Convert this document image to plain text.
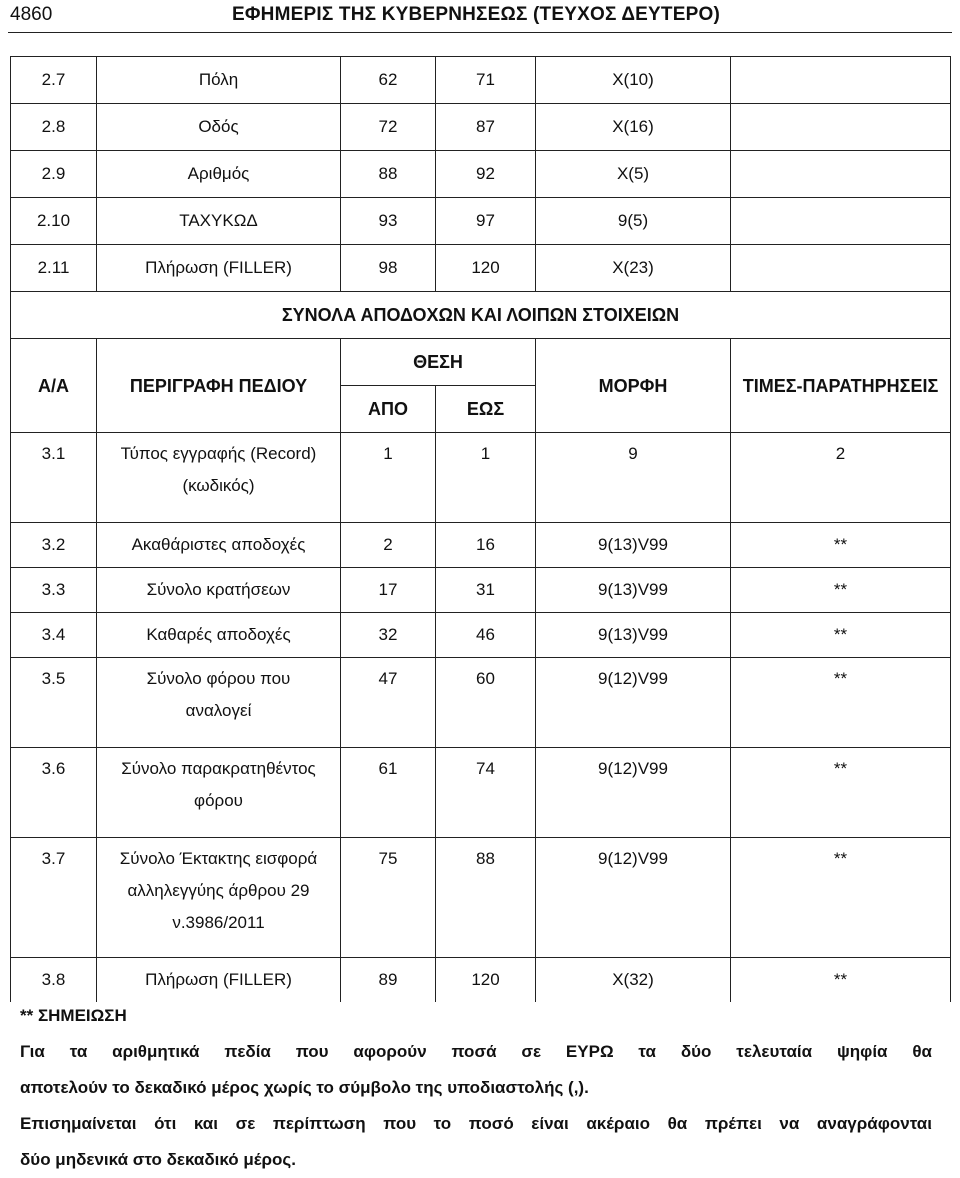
4860	ΕΦΗΜΕΡΙΣ ΤΗΣ ΚΥΒΕΡΝΗΣΕΩΣ (ΤΕΥΧΟΣ ΔΕΥΤΕΡΟ)
2.7	Πόλη	62	71	Χ(10)	
2.8	Οδός	72	87	Χ(16)	
2.9	Αριθμός	88	92	Χ(5)	
2.10	ΤΑΧΥΚΩΔ	93	97	9(5)	
2.11	Πλήρωση (FILLER)	98	120	Χ(23)	
ΣΥΝΟΛΑ ΑΠΟΔΟΧΩΝ ΚΑΙ ΛΟΙΠΩΝ ΣΤΟΙΧΕΙΩΝ					
Α/Α	ΠΕΡΙΓΡΑΦΗ ΠΕΔΙΟΥ	ΘΕΣΗ		ΜΟΡΦΗ	ΤΙΜΕΣ-ΠΑΡΑΤΗΡΗΣΕΙΣ
		ΑΠΟ	ΕΩΣ		
3.1	Τύπος εγγραφής (Record)
(κωδικός)	1	1	9	2
3.2	Ακαθάριστες αποδοχές	2	16	9(13)V99	**
3.3	Σύνολο κρατήσεων	17	31	9(13)V99	**
3.4	Καθαρές αποδοχές	32	46	9(13)V99	**
3.5	Σύνολο φόρου που
αναλογεί	47	60	9(12)V99	**
3.6	Σύνολο παρακρατηθέντος
φόρου	61	74	9(12)V99	**
3.7	Σύνολο Έκτακτης εισφορά
αλληλεγγύης άρθρου 29
ν.3986/2011	75	88	9(12)V99	**
3.8	Πλήρωση (FILLER)	89	120	Χ(32)	**

** ΣΗΜΕΙΩΣΗ

Για τα αριθμητικά πεδία που αφορούν ποσά σε ΕΥΡΩ τα δύο τελευταία ψηφία θα

αποτελούν το δεκαδικό μέρος χωρίς το σύμβολο της υποδιαστολής (,).

Επισημαίνεται ότι και σε περίπτωση που το ποσό είναι ακέραιο θα πρέπει να αναγράφονται

δύο μηδενικά στο δεκαδικό μέρος.
